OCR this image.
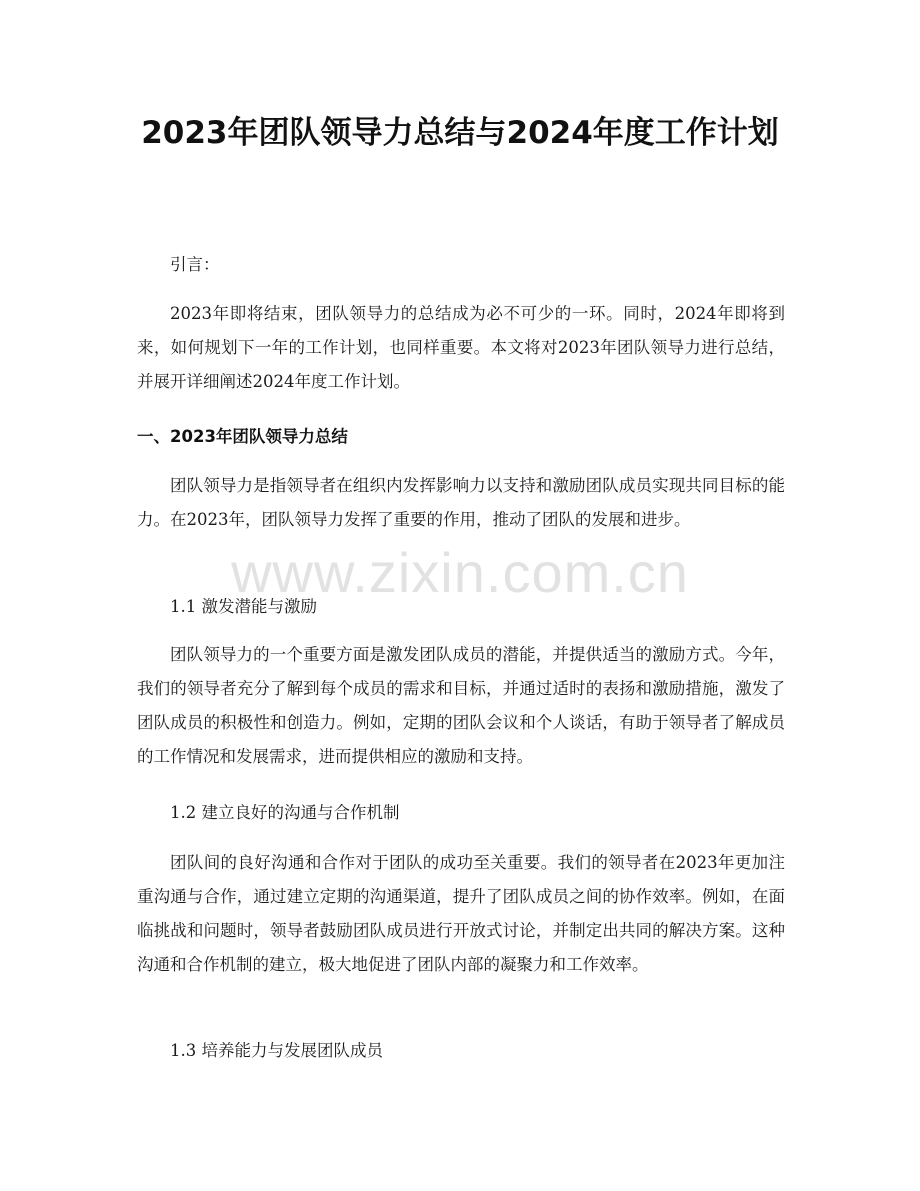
2023年团队领导力总结与2024年度工作计划
引言：
2023年即将结束，团队领导力的总结成为必不可少的一环。同时，2024年即将到来，如何规划下一年的工作计划，也同样重要。本文将对2023年团队领导力进行总结，并展开详细阐述2024年度工作计划。
一、2023年团队领导力总结
团队领导力是指领导者在组织内发挥影响力以支持和激励团队成员实现共同目标的能力。在2023年，团队领导力发挥了重要的作用，推动了团队的发展和进步。
1.1 激发潜能与激励
团队领导力的一个重要方面是激发团队成员的潜能，并提供适当的激励方式。今年，我们的领导者充分了解到每个成员的需求和目标，并通过适时的表扬和激励措施，激发了团队成员的积极性和创造力。例如，定期的团队会议和个人谈话，有助于领导者了解成员的工作情况和发展需求，进而提供相应的激励和支持。
1.2 建立良好的沟通与合作机制
团队间的良好沟通和合作对于团队的成功至关重要。我们的领导者在2023年更加注重沟通与合作，通过建立定期的沟通渠道，提升了团队成员之间的协作效率。例如，在面临挑战和问题时，领导者鼓励团队成员进行开放式讨论，并制定出共同的解决方案。这种沟通和合作机制的建立，极大地促进了团队内部的凝聚力和工作效率。
1.3 培养能力与发展团队成员
www.zixin.com.cn
